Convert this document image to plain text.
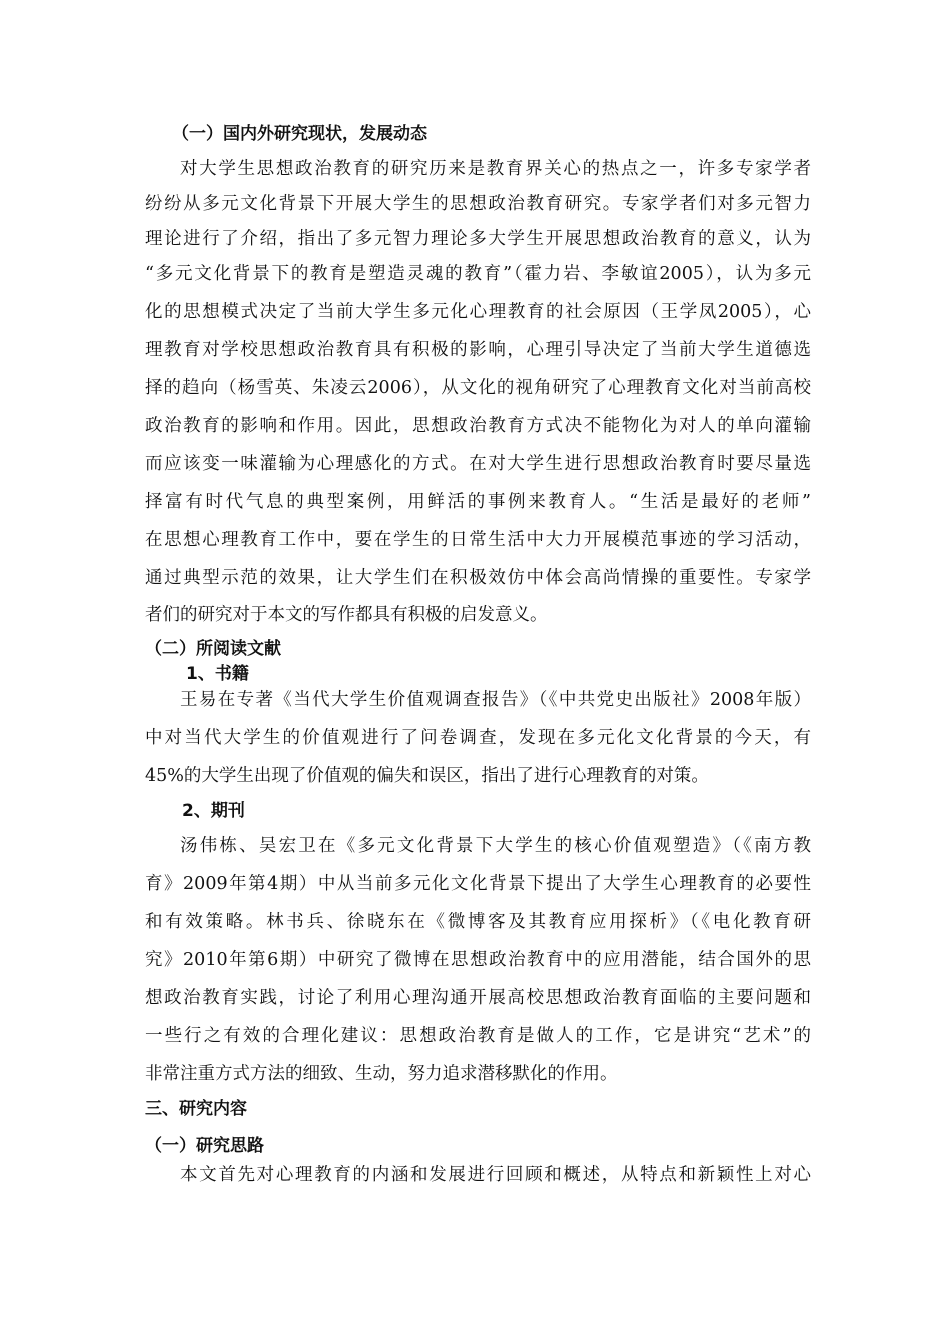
（一）国内外研究现状，发展动态
对大学生思想政治教育的研究历来是教育界关心的热点之一，许多专家学者
纷纷从多元文化背景下开展大学生的思想政治教育研究。专家学者们对多元智力
理论进行了介绍，指出了多元智力理论多大学生开展思想政治教育的意义，认为
“多元文化背景下的教育是塑造灵魂的教育”（霍力岩、李敏谊2005），认为多元
化的思想模式决定了当前大学生多元化心理教育的社会原因（王学凤2005），心
理教育对学校思想政治教育具有积极的影响，心理引导决定了当前大学生道德选
择的趋向（杨雪英、朱凌云2006），从文化的视角研究了心理教育文化对当前高校
政治教育的影响和作用。因此，思想政治教育方式决不能物化为对人的单向灌输
而应该变一味灌输为心理感化的方式。在对大学生进行思想政治教育时要尽量选
择富有时代气息的典型案例，用鲜活的事例来教育人。“生活是最好的老师”
在思想心理教育工作中，要在学生的日常生活中大力开展模范事迹的学习活动，
通过典型示范的效果，让大学生们在积极效仿中体会高尚情操的重要性。专家学
者们的研究对于本文的写作都具有积极的启发意义。
（二）所阅读文献
1、书籍
王易在专著《当代大学生价值观调查报告》（《中共党史出版社》2008年版）
中对当代大学生的价值观进行了问卷调查，发现在多元化文化背景的今天，有
45%的大学生出现了价值观的偏失和误区，指出了进行心理教育的对策。
2、期刊
汤伟栋、吴宏卫在《多元文化背景下大学生的核心价值观塑造》（《南方教
育》2009年第4期）中从当前多元化文化背景下提出了大学生心理教育的必要性
和有效策略。林书兵、徐晓东在《微博客及其教育应用探析》（《电化教育研
究》2010年第6期）中研究了微博在思想政治教育中的应用潜能，结合国外的思
想政治教育实践，讨论了利用心理沟通开展高校思想政治教育面临的主要问题和
一些行之有效的合理化建议：思想政治教育是做人的工作，它是讲究“艺术”的
非常注重方式方法的细致、生动，努力追求潜移默化的作用。
三、研究内容
（一）研究思路
本文首先对心理教育的内涵和发展进行回顾和概述，从特点和新颖性上对心
